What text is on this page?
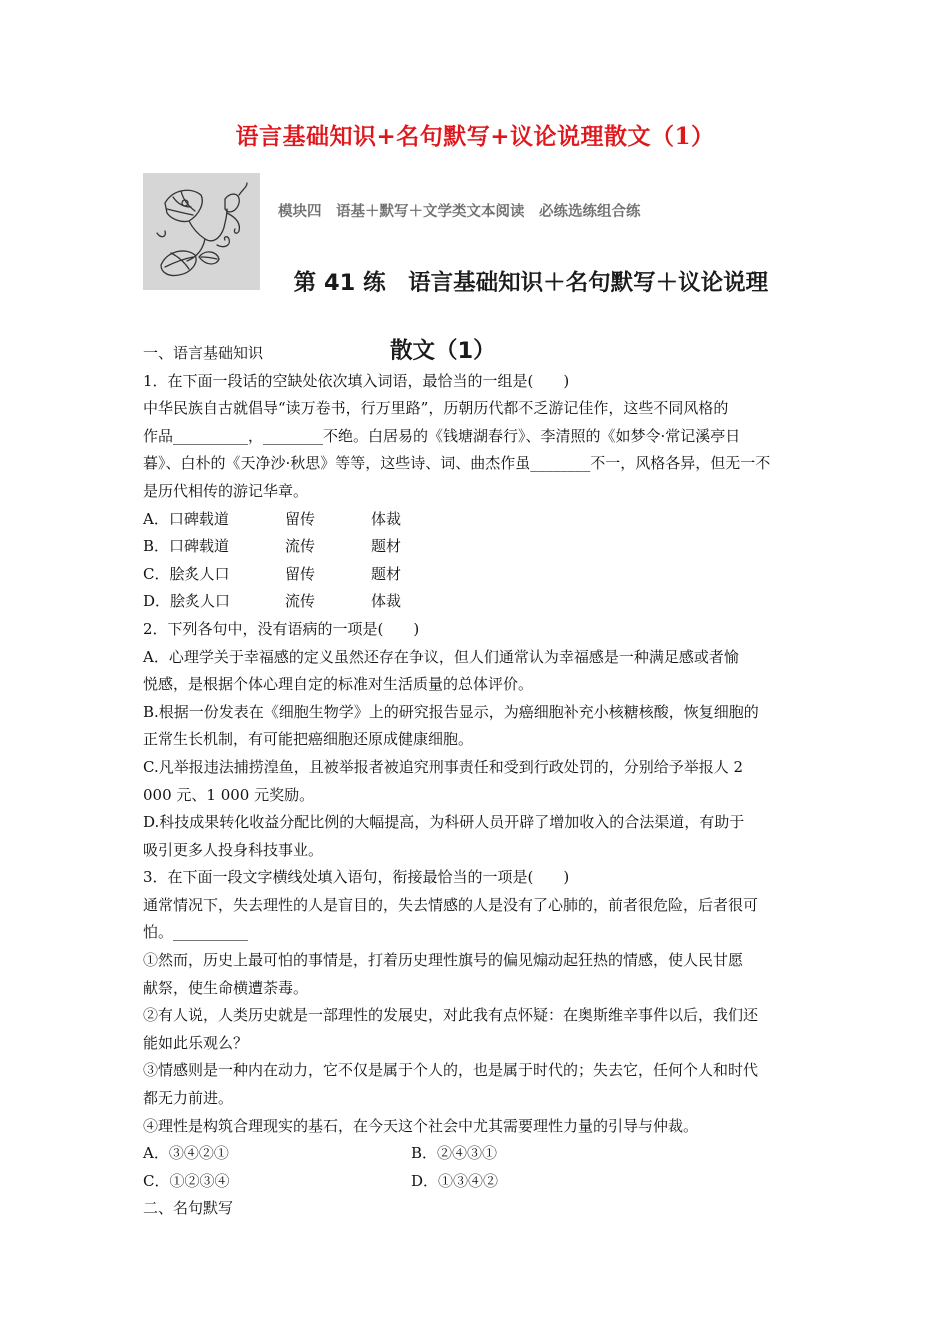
语言基础知识+名句默写+议论说理散文（1）
模块四　语基＋默写＋文学类文本阅读　必练选练组合练

第 41 练　语言基础知识＋名句默写＋议论说理

散文（1）

一、语言基础知识

1．在下面一段话的空缺处依次填入词语，最恰当的一组是(　　)

中华民族自古就倡导“读万卷书，行万里路”，历朝历代都不乏游记佳作，这些不同风格的

作品__________，________不绝。白居易的《钱塘湖春行》、李清照的《如梦令·常记溪亭日

暮》、白朴的《天净沙·秋思》等等，这些诗、词、曲杰作虽________不一，风格各异，但无一不

是历代相传的游记华章。

A．口碑载道	留传	体裁
B．口碑载道	流传	题材
C．脍炙人口	留传	题材
D．脍炙人口	流传	体裁

2．下列各句中，没有语病的一项是(　　)

A．心理学关于幸福感的定义虽然还存在争议，但人们通常认为幸福感是一种满足感或者愉

悦感，是根据个体心理自定的标准对生活质量的总体评价。

B.根据一份发表在《细胞生物学》上的研究报告显示，为癌细胞补充小核糖核酸，恢复细胞的

正常生长机制，有可能把癌细胞还原成健康细胞。

C.凡举报违法捕捞湟鱼，且被举报者被追究刑事责任和受到行政处罚的，分别给予举报人 2

000 元、1 000 元奖励。

D.科技成果转化收益分配比例的大幅提高，为科研人员开辟了增加收入的合法渠道，有助于

吸引更多人投身科技事业。

3．在下面一段文字横线处填入语句，衔接最恰当的一项是(　　)

通常情况下，失去理性的人是盲目的，失去情感的人是没有了心肺的，前者很危险，后者很可

怕。__________

①然而，历史上最可怕的事情是，打着历史理性旗号的偏见煽动起狂热的情感，使人民甘愿

献祭，使生命横遭荼毒。

②有人说，人类历史就是一部理性的发展史，对此我有点怀疑：在奥斯维辛事件以后，我们还

能如此乐观么？

③情感则是一种内在动力，它不仅是属于个人的，也是属于时代的；失去它，任何个人和时代

都无力前进。

④理性是构筑合理现实的基石，在今天这个社会中尤其需要理性力量的引导与仲裁。

A．③④②①	B．②④③①
C．①②③④	D．①③④②

二、名句默写
